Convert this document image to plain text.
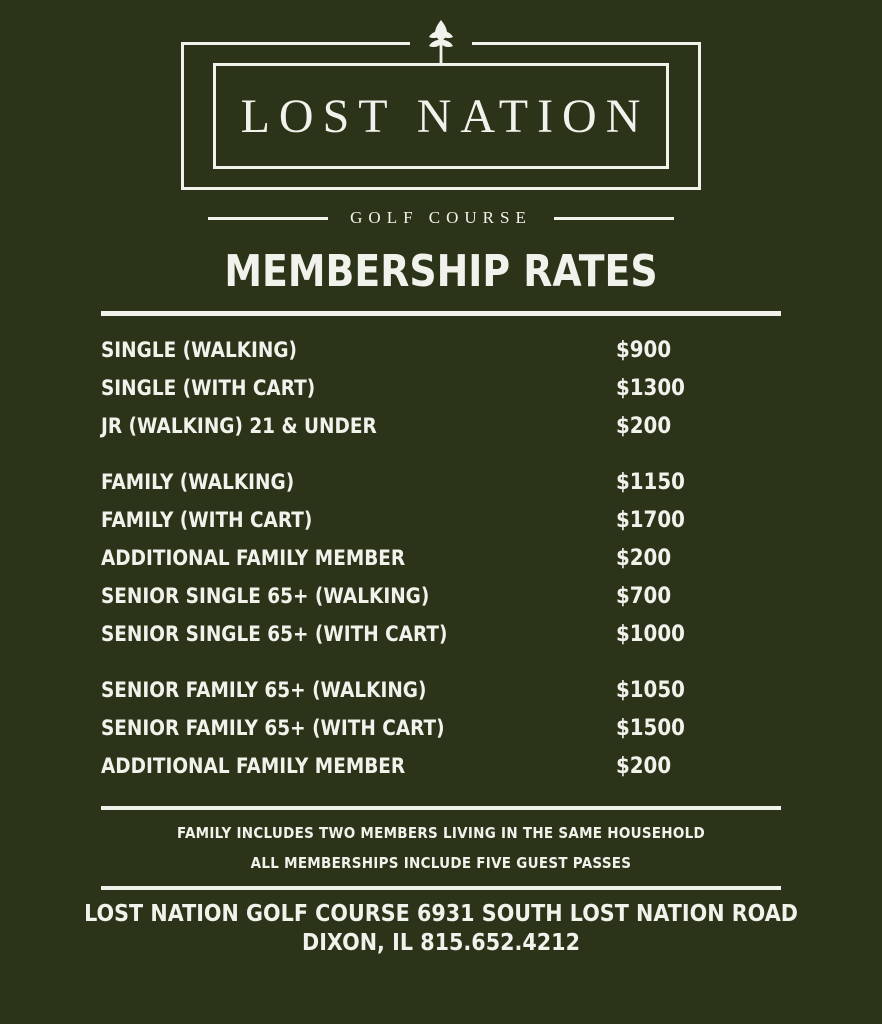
LOST NATION
GOLF COURSE
MEMBERSHIP RATES
SINGLE (WALKING)	$900
SINGLE (WITH CART)	$1300
JR (WALKING) 21 & UNDER	$200
FAMILY (WALKING)	$1150
FAMILY (WITH CART)	$1700
ADDITIONAL FAMILY MEMBER	$200
SENIOR SINGLE 65+ (WALKING)	$700
SENIOR SINGLE 65+ (WITH CART)	$1000
SENIOR FAMILY 65+ (WALKING)	$1050
SENIOR FAMILY 65+ (WITH CART)	$1500
ADDITIONAL FAMILY MEMBER	$200
FAMILY INCLUDES TWO MEMBERS LIVING IN THE SAME HOUSEHOLD
ALL MEMBERSHIPS INCLUDE FIVE GUEST PASSES
LOST NATION GOLF COURSE 6931 SOUTH LOST NATION ROAD
DIXON, IL 815.652.4212
